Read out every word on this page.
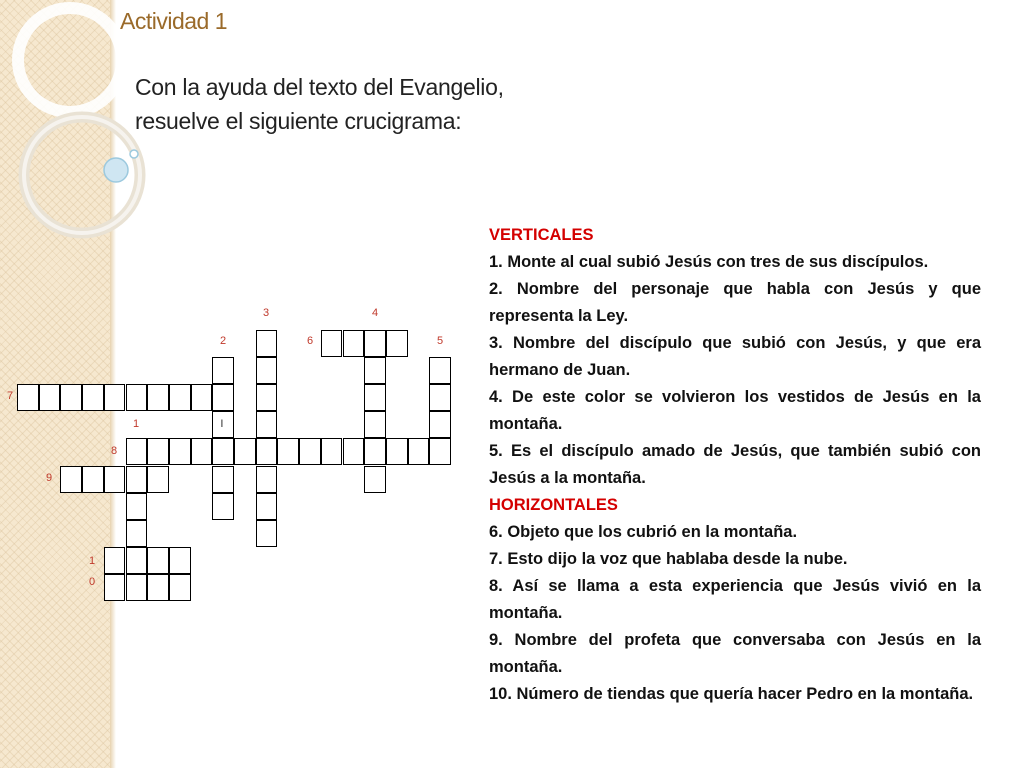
Actividad 1

Con la ayuda del texto del Evangelio, resuelve el siguiente crucigrama:

3	4
2	6	5
7
1
8
9
1
0
I
VERTICALES
1. Monte al cual subió Jesús con tres de sus discípulos.
2. Nombre del personaje que habla con Jesús y que representa la Ley.
3. Nombre del discípulo que subió con Jesús, y que era hermano de Juan.
4. De este color se volvieron los vestidos de Jesús en la montaña.
5. Es el discípulo amado de Jesús, que también subió con Jesús a la montaña.
HORIZONTALES
6. Objeto que los cubrió en la montaña.
7. Esto dijo la voz que hablaba desde la nube.
8. Así se llama a esta experiencia que Jesús vivió en la montaña.
9. Nombre del profeta que conversaba con Jesús en la montaña.
10. Número de tiendas que quería hacer Pedro en la montaña.
